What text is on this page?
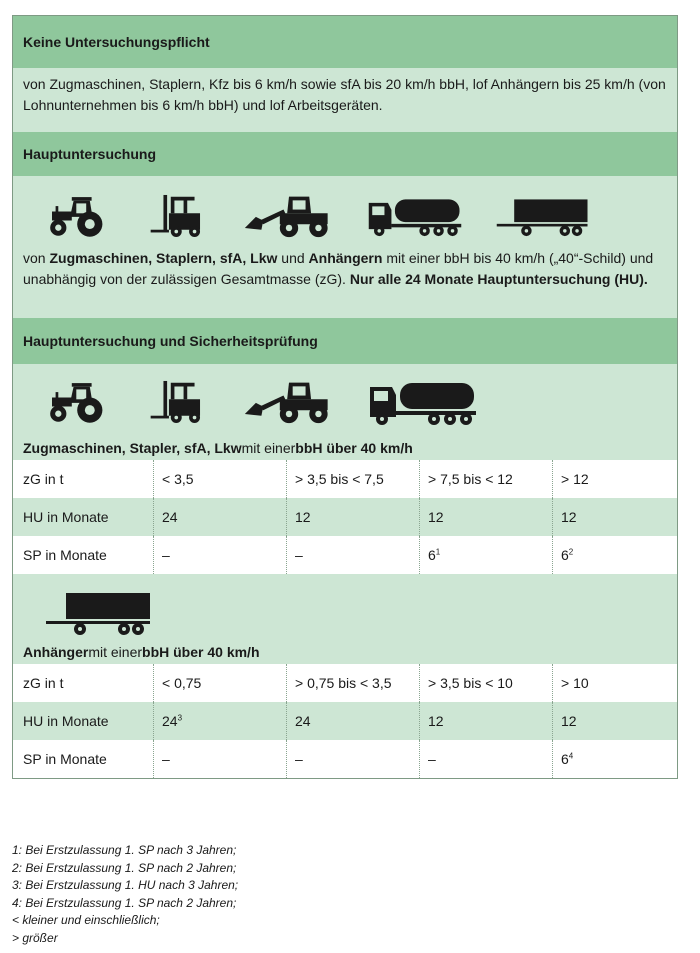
Keine Untersuchungspflicht
von Zugmaschinen, Staplern, Kfz bis 6 km/h sowie sfA bis 20 km/h bbH, lof Anhängern bis 25 km/h (von Lohnunternehmen bis 6 km/h bbH) und lof Arbeitsgeräten.
Hauptuntersuchung
von Zugmaschinen, Staplern, sfA, Lkw und Anhängern mit einer bbH bis 40 km/h („40“-Schild) und unabhängig von der zulässigen Gesamtmasse (zG). Nur alle 24 Monate Hauptuntersuchung (HU).
Hauptuntersuchung und Sicherheitsprüfung
Zugmaschinen, Stapler, sfA, Lkw mit einer bbH über 40 km/h
zG in t	< 3,5	> 3,5 bis < 7,5	> 7,5 bis < 12	> 12
HU in Monate	24	12	12	12
SP in Monate	–	–	$6^1$	$6^2$
Anhänger mit einer bbH über 40 km/h
zG in t	< 0,75	> 0,75 bis < 3,5	> 3,5 bis < 10	> 10
HU in Monate	$24^3$	24	12	12
SP in Monate	–	–	–	$6^4$
1: Bei Erstzulassung 1. SP nach 3 Jahren;
2: Bei Erstzulassung 1. SP nach 2 Jahren;
3: Bei Erstzulassung 1. HU nach 3 Jahren;
4: Bei Erstzulassung 1. SP nach 2 Jahren;
< kleiner und einschließlich;
> größer
